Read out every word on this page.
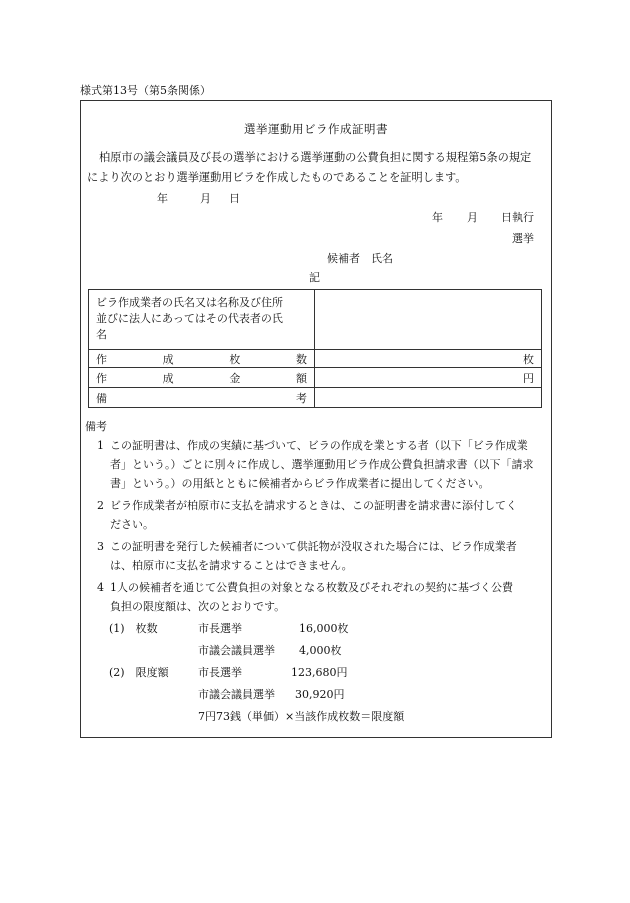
様式第13号（第5条関係）
選挙運動用ビラ作成証明書
柏原市の議会議員及び長の選挙における選挙運動の公費負担に関する規程第5条の規定
により次のとおり選挙運動用ビラを作成したものであることを証明します。
年	月 日
年 月 日執行
選挙
候補者　氏名
記
ビラ作成業者の氏名又は名称及び住所
並びに法人にあってはその代表者の氏
名	

作 成 枚 数	枚

作 成 金 額	円

備 考	

備考
1 この証明書は、作成の実績に基づいて、ビラの作成を業とする者（以下「ビラ作成業
者」という。）ごとに別々に作成し、選挙運動用ビラ作成公費負担請求書（以下「請求
書」という。）の用紙とともに候補者からビラ作成業者に提出してください。
2 ビラ作成業者が柏原市に支払を請求するときは、この証明書を請求書に添付してく
ださい。
3 この証明書を発行した候補者について供託物が没収された場合には、ビラ作成業者
は、柏原市に支払を請求することはできません。
4 1人の候補者を通じて公費負担の対象となる枚数及びそれぞれの契約に基づく公費
負担の限度額は、次のとおりです。
(1)　枚数	市長選挙	16,000枚
市議会議員選挙 4,000枚
(2)　限度額	市長選挙	123,680円
市議会議員選挙 30,920円
7円73銭（単価）×当該作成枚数＝限度額
